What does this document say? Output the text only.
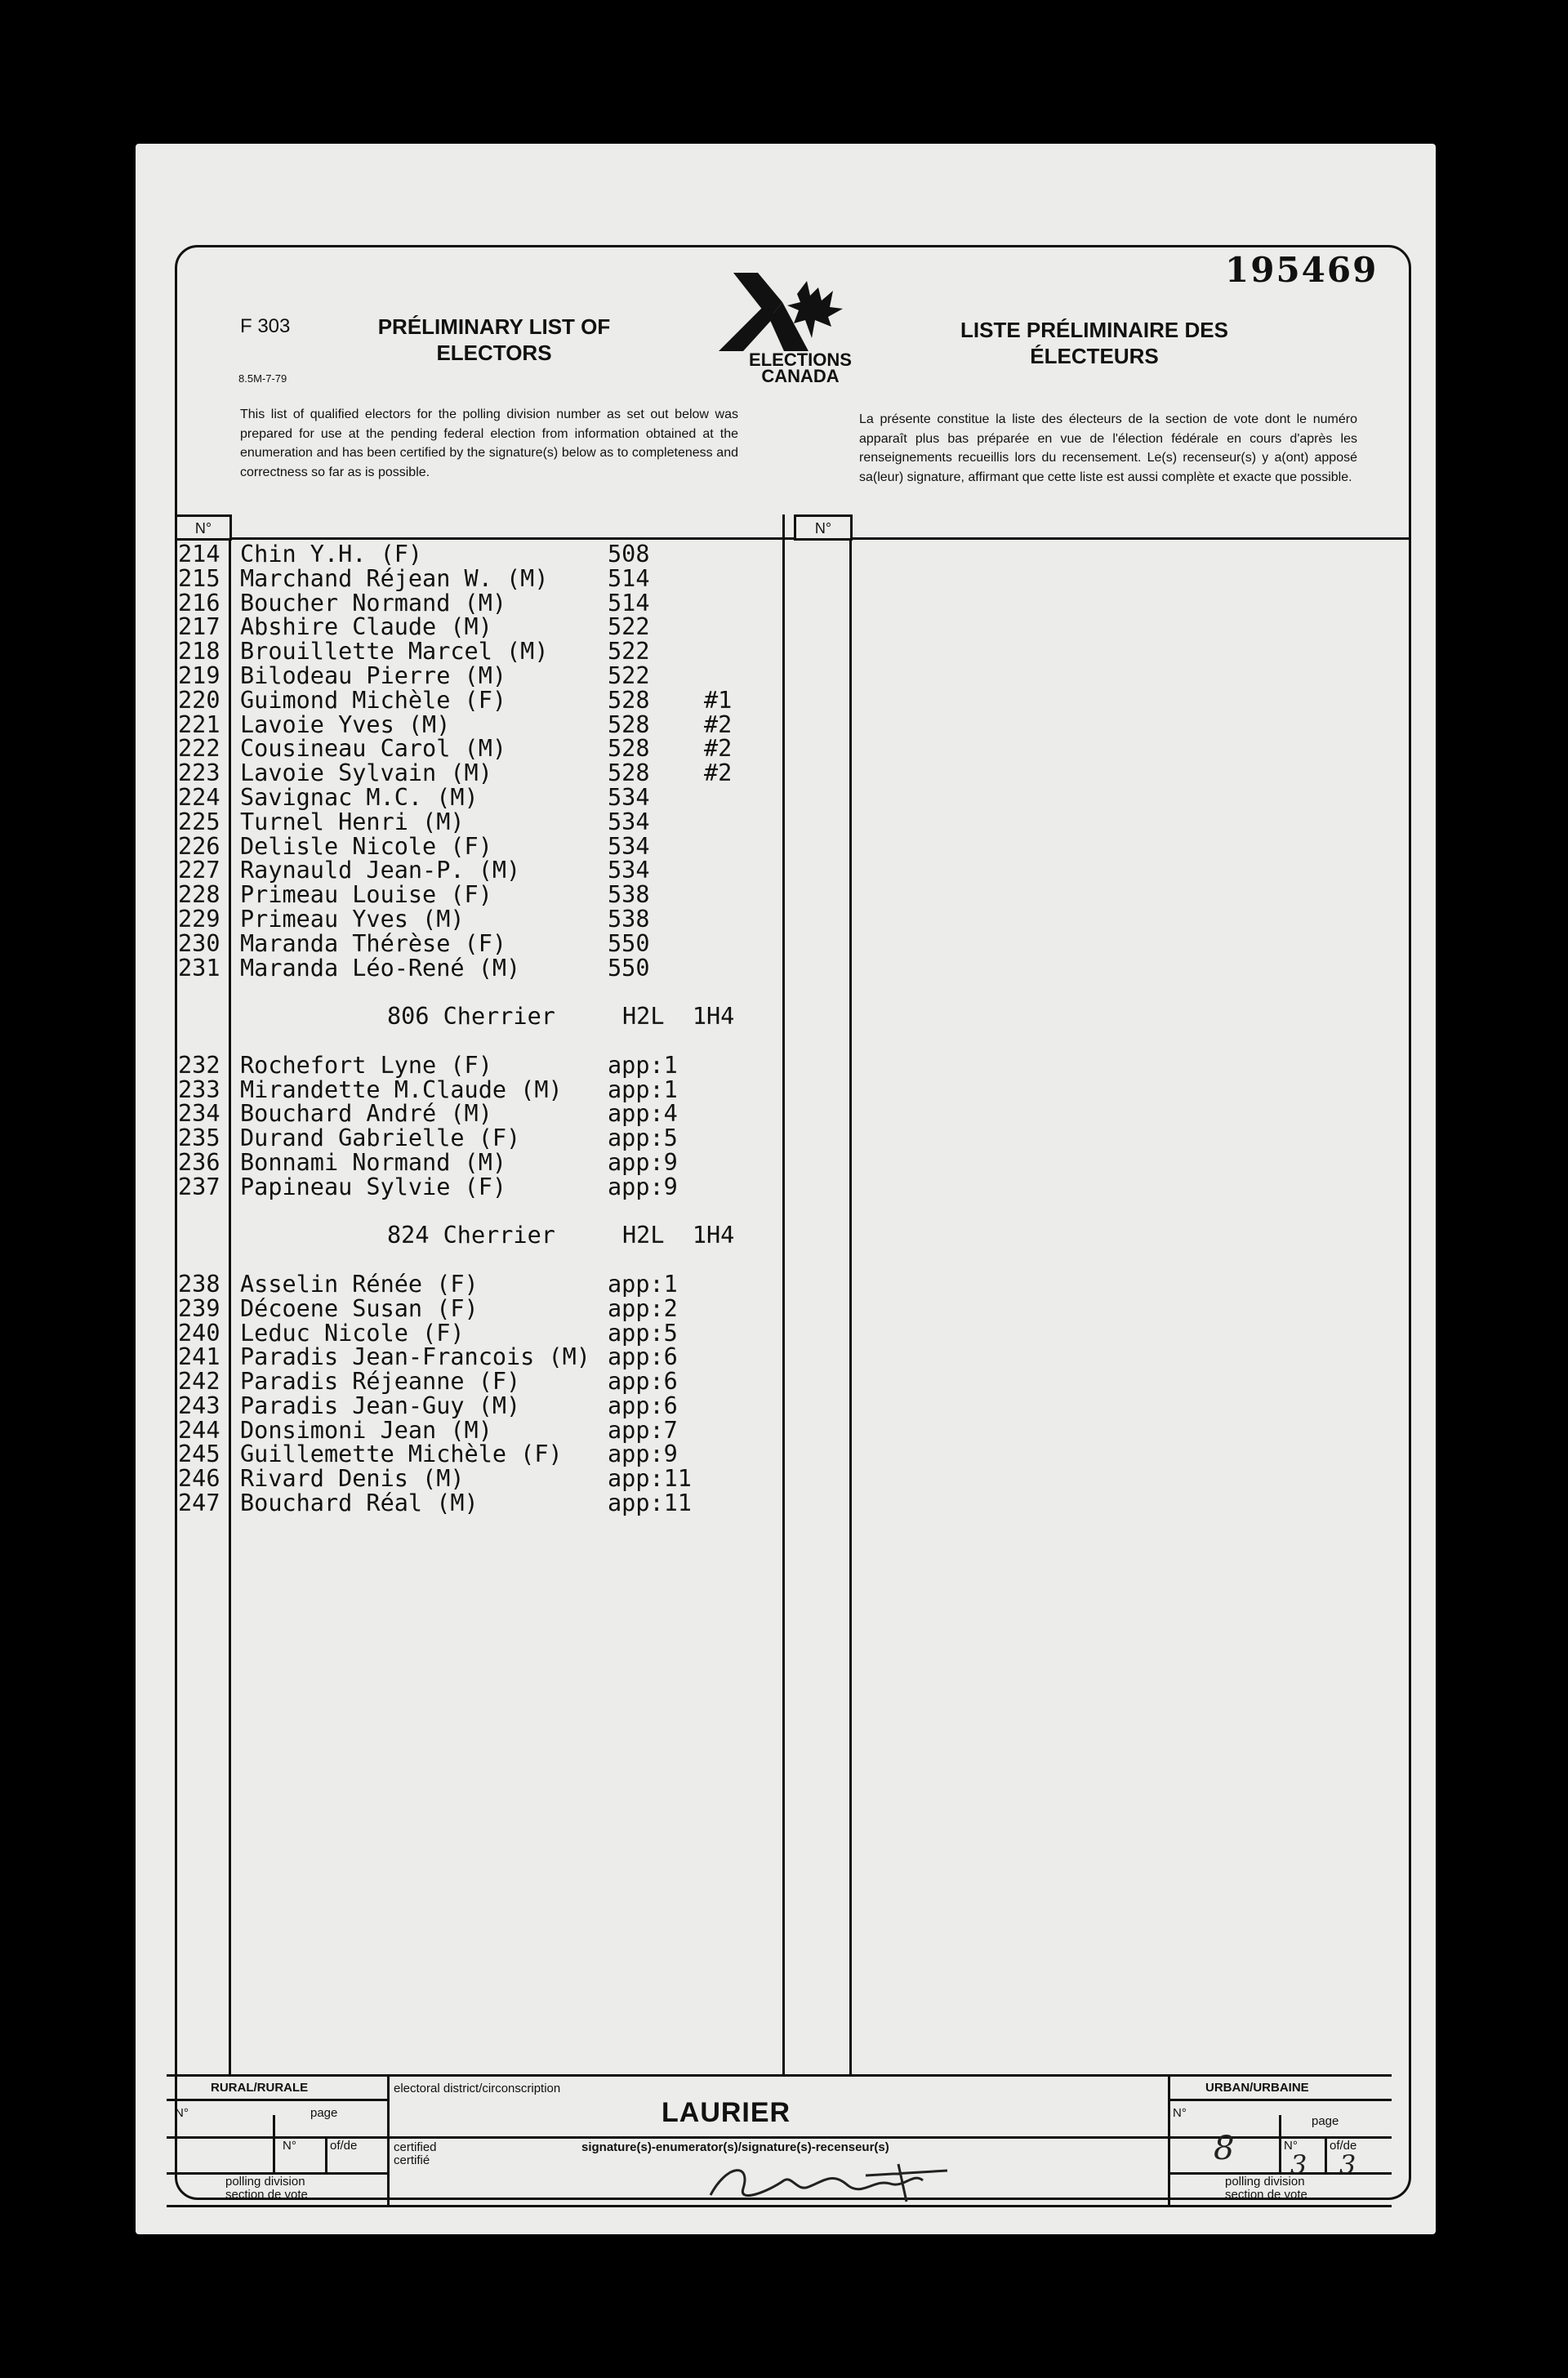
195469
F 303
8.5M-7-79
PRÉLIMINARY LIST OF
ELECTORS	ELECTIONS
CANADA
LISTE PRÉLIMINAIRE DES
ÉLECTEURS
This list of qualified electors for the polling division number as set out below was prepared for use at the pending federal election from information obtained at the enumeration and has been certified by the signature(s) below as to completeness and correctness so far as is possible.
La présente constitue la liste des électeurs de la section de vote dont le numéro apparaît plus bas préparée en vue de l'élection fédérale en cours d'après les renseignements recueillis lors du recensement. Le(s) recenseur(s) y a(ont) apposé sa(leur) signature, affirmant que cette liste est aussi complète et exacte que possible.
N°	N°
214 Chin Y.H. (F)	508
215 Marchand Réjean W. (M)	514
216 Boucher Normand (M)	514
217 Abshire Claude (M)	522
218 Brouillette Marcel (M)	522
219 Bilodeau Pierre (M)	522
220 Guimond Michèle (F)	528 #1
221 Lavoie Yves (M)	528 #2
222 Cousineau Carol (M)	528 #2
223 Lavoie Sylvain (M)	528 #2
224 Savignac M.C. (M)	534
225 Turnel Henri (M)	534
226 Delisle Nicole (F)	534
227 Raynauld Jean-P. (M)	534
228 Primeau Louise (F)	538
229 Primeau Yves (M)	538
230 Maranda Thérèse (F)	550
231 Maranda Léo-René (M)	550
806 Cherrier	H2L 1H4
232 Rochefort Lyne (F)	app:1
233 Mirandette M.Claude (M) app:1
234 Bouchard André (M)	app:4
235 Durand Gabrielle (F)	app:5
236 Bonnami Normand (M)	app:9
237 Papineau Sylvie (F)	app:9
824 Cherrier	H2L 1H4
238 Asselin Rénée (F)	app:1
239 Décoene Susan (F)	app:2
240 Leduc Nicole (F)	app:5
241 Paradis Jean-Francois (M) app:6
242 Paradis Réjeanne (F)	app:6
243 Paradis Jean-Guy (M)	app:6
244 Donsimoni Jean (M)	app:7
245 Guillemette Michèle (F) app:9
246 Rivard Denis (M)	app:11
247 Bouchard Réal (M)	app:11
RURAL/RURALE	URBAN/URBAINE
electoral district/circonscription
LAURIER
N°	page
N°	of/de
polling division
section de vote
certified
certifié
signature(s)-enumerator(s)/signature(s)-recenseur(s)
N°
page
N°	of/de
8 3 3
polling division
section de vote
